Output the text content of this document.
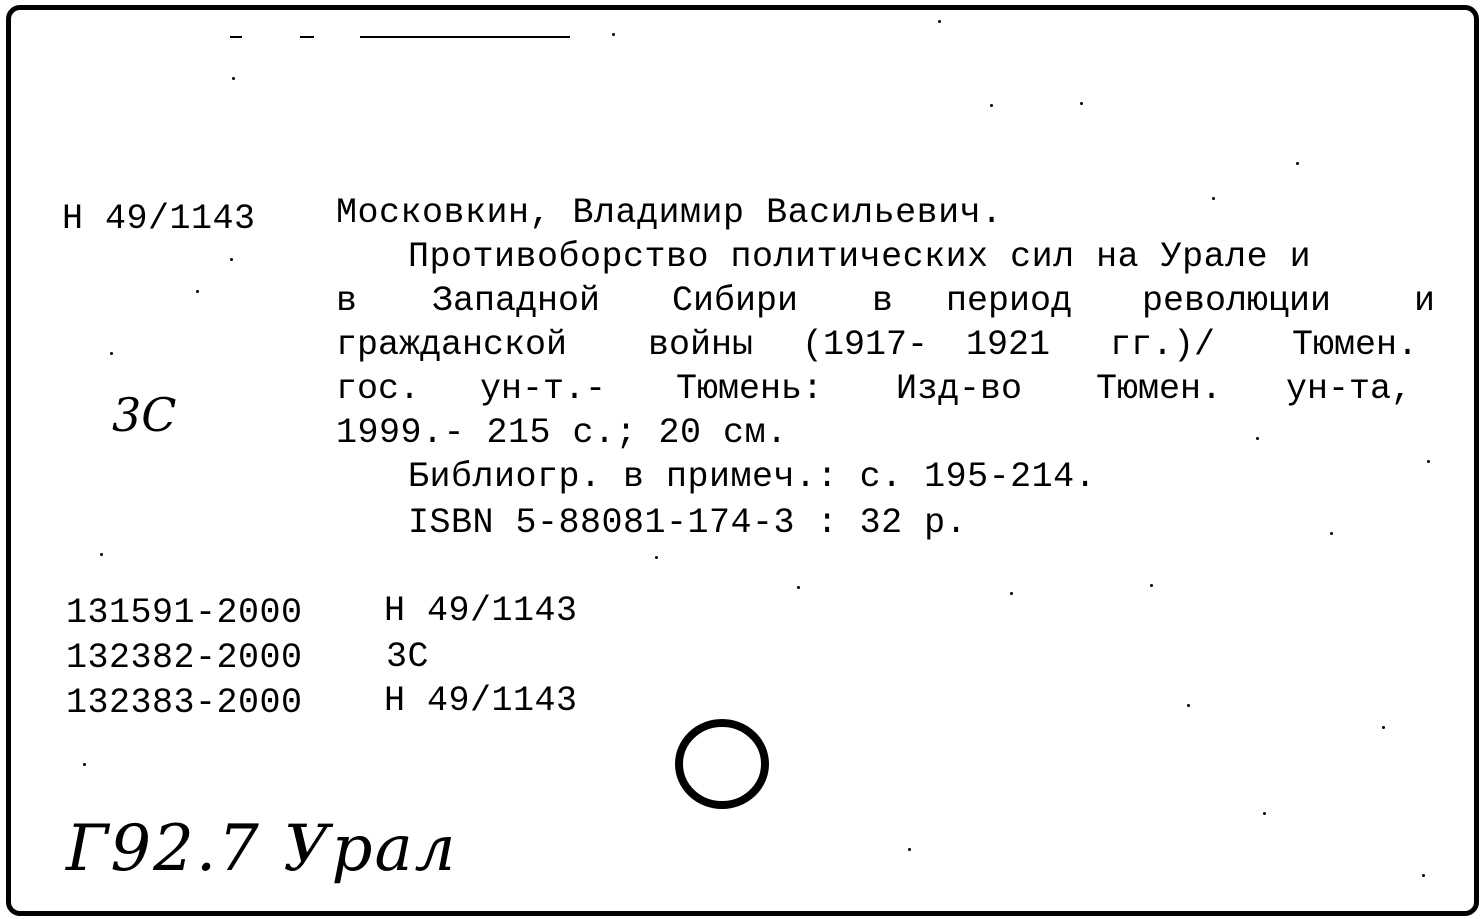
Н 49/1143
3С
Московкин, Владимир Васильевич.
Противоборство политических сил на Урале и
в Западной Сибири в период революции и
гражданской войны (1917- 1921 гг.)/ Тюмен.
гос. ун-т.- Тюмень: Изд-во Тюмен. ун-та,
1999.- 215 с.; 20 см.
Библиогр. в примеч.: с. 195-214.
ISBN 5-88081-174-3 : 32 р.
131591-2000 Н 49/1143
132382-2000 3С
132383-2000 Н 49/1143
Г92.7 Урал
